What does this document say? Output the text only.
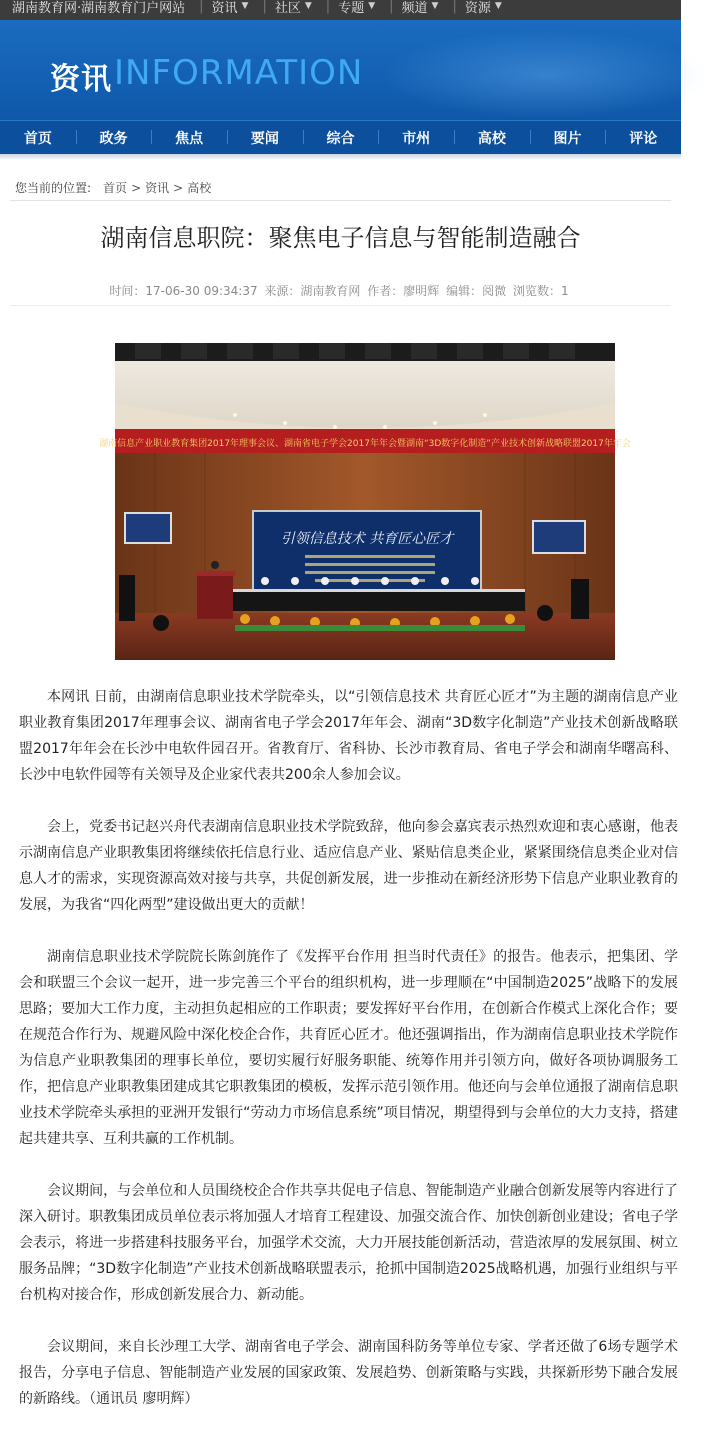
湖南教育网·湖南教育门户网站 | 资讯 ▼ | 社区 ▼ | 专题 ▼ | 频道 ▼ | 资源 ▼
资讯 INFORMATION
首页	政务	焦点	要闻	综合	市州	高校	图片	评论
您当前的位置: 首页 > 资讯 > 高校
湖南信息职院：聚焦电子信息与智能制造融合
时间：17-06-30 09:34:37 来源：湖南教育网 作者：廖明辉 编辑：阅微 浏览数：1
湖南信息产业职业教育集团2017年理事会议、湖南省电子学会2017年年会暨湖南“3D数字化制造”产业技术创新战略联盟2017年年会
引领信息技术 共育匠心匠才

本网讯 日前，由湖南信息职业技术学院牵头，以“引领信息技术 共育匠心匠才”为主题的湖南信息产业职业教育集团2017年理事会议、湖南省电子学会2017年年会、湖南“3D数字化制造”产业技术创新战略联盟2017年年会在长沙中电软件园召开。省教育厅、省科协、长沙市教育局、省电子学会和湖南华曙高科、长沙中电软件园等有关领导及企业家代表共200余人参加会议。

会上，党委书记赵兴舟代表湖南信息职业技术学院致辞，他向参会嘉宾表示热烈欢迎和衷心感谢，他表示湖南信息产业职教集团将继续依托信息行业、适应信息产业、紧贴信息类企业，紧紧围绕信息类企业对信息人才的需求，实现资源高效对接与共享，共促创新发展，进一步推动在新经济形势下信息产业职业教育的发展，为我省“四化两型”建设做出更大的贡献！

湖南信息职业技术学院院长陈剑旄作了《发挥平台作用 担当时代责任》的报告。他表示，把集团、学会和联盟三个会议一起开，进一步完善三个平台的组织机构，进一步理顺在“中国制造2025”战略下的发展思路；要加大工作力度，主动担负起相应的工作职责；要发挥好平台作用，在创新合作模式上深化合作；要在规范合作行为、规避风险中深化校企合作，共育匠心匠才。他还强调指出，作为湖南信息职业技术学院作为信息产业职教集团的理事长单位，要切实履行好服务职能、统筹作用并引领方向，做好各项协调服务工作，把信息产业职教集团建成其它职教集团的模板，发挥示范引领作用。他还向与会单位通报了湖南信息职业技术学院牵头承担的亚洲开发银行“劳动力市场信息系统”项目情况，期望得到与会单位的大力支持，搭建起共建共享、互利共赢的工作机制。

会议期间，与会单位和人员围绕校企合作共享共促电子信息、智能制造产业融合创新发展等内容进行了深入研讨。职教集团成员单位表示将加强人才培育工程建设、加强交流合作、加快创新创业建设；省电子学会表示，将进一步搭建科技服务平台，加强学术交流，大力开展技能创新活动，营造浓厚的发展氛围、树立服务品牌；“3D数字化制造”产业技术创新战略联盟表示，抢抓中国制造2025战略机遇，加强行业组织与平台机构对接合作，形成创新发展合力、新动能。

会议期间，来自长沙理工大学、湖南省电子学会、湖南国科防务等单位专家、学者还做了6场专题学术报告，分享电子信息、智能制造产业发展的国家政策、发展趋势、创新策略与实践，共探新形势下融合发展的新路线。（通讯员 廖明辉）
